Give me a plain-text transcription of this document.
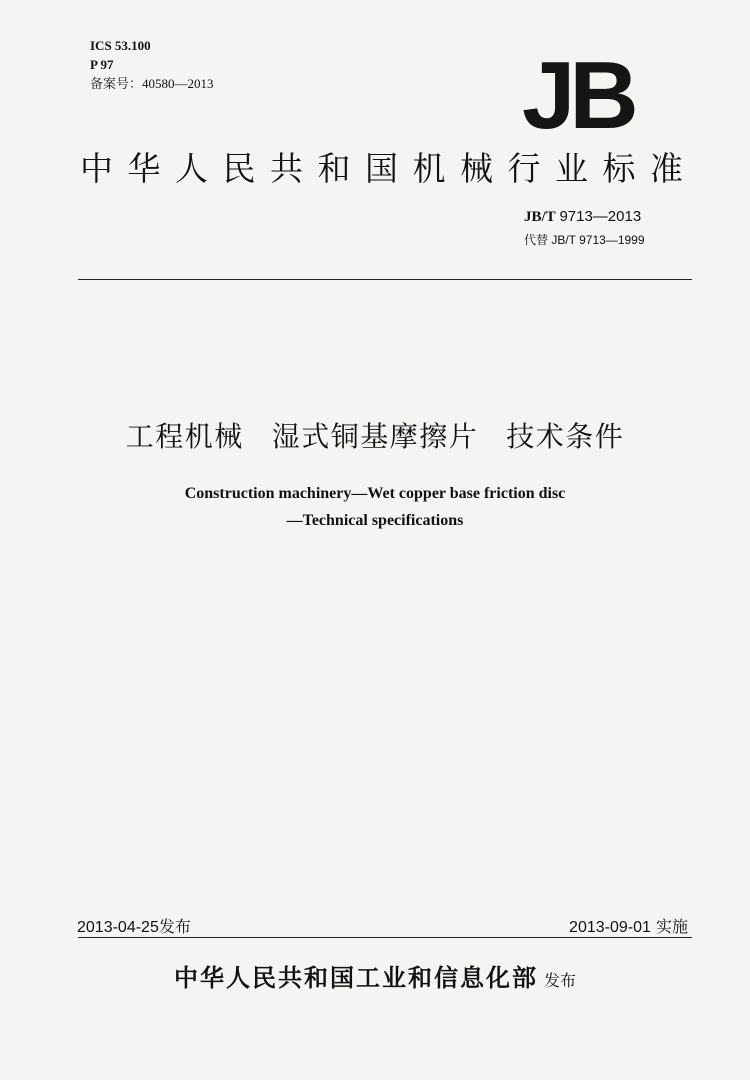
ICS 53.100
P 97
备案号：40580—2013	JB
中华人民共和国机械行业标准
JB/T 9713—2013
代替 JB/T 9713—1999
工程机械 湿式铜基摩擦片 技术条件
Construction machinery—Wet copper base friction disc
—Technical specifications
2013-04-25发布	2013-09-01 实施
中华人民共和国工业和信息化部 发布
